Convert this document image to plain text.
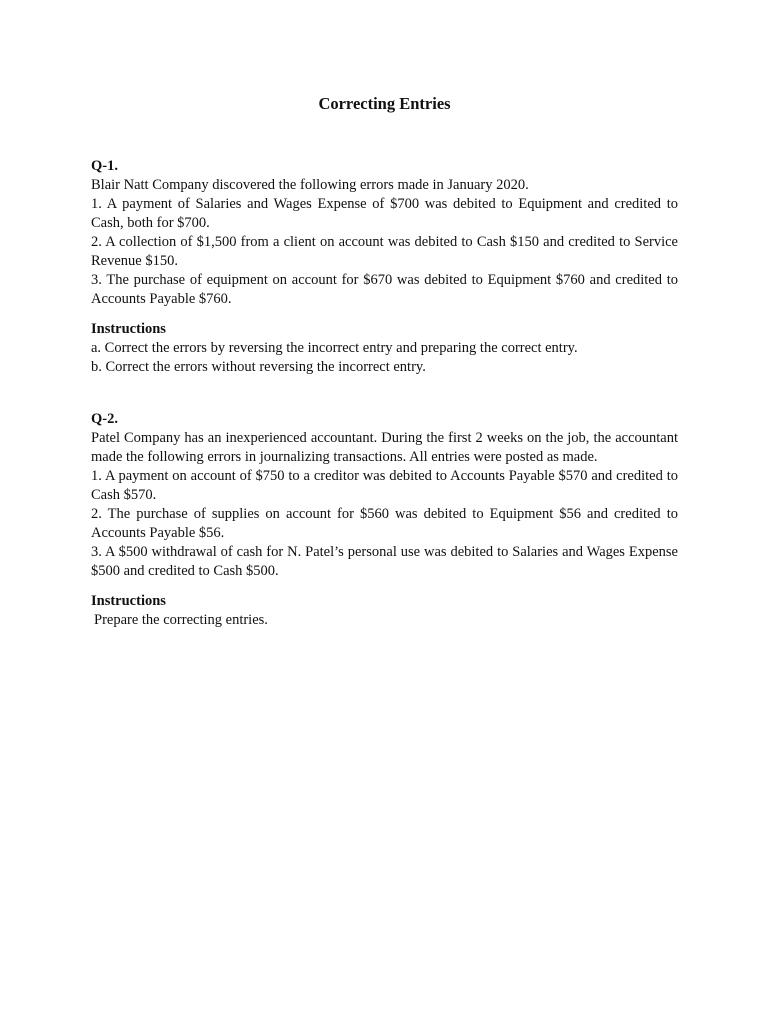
Correcting Entries

Q-1.

Blair Natt Company discovered the following errors made in January 2020.

1. A payment of Salaries and Wages Expense of $700 was debited to Equipment and credited to Cash, both for $700.

2. A collection of $1,500 from a client on account was debited to Cash $150 and credited to Service Revenue $150.

3. The purchase of equipment on account for $670 was debited to Equipment $760 and credited to Accounts Payable $760.

Instructions

a. Correct the errors by reversing the incorrect entry and preparing the correct entry.

b. Correct the errors without reversing the incorrect entry.

Q-2.

Patel Company has an inexperienced accountant. During the first 2 weeks on the job, the accountant made the following errors in journalizing transactions. All entries were posted as made.

1. A payment on account of $750 to a creditor was debited to Accounts Payable $570 and credited to Cash $570.

2. The purchase of supplies on account for $560 was debited to Equipment $56 and credited to Accounts Payable $56.

3. A $500 withdrawal of cash for N. Patel’s personal use was debited to Salaries and Wages Expense $500 and credited to Cash $500.

Instructions

Prepare the correcting entries.
